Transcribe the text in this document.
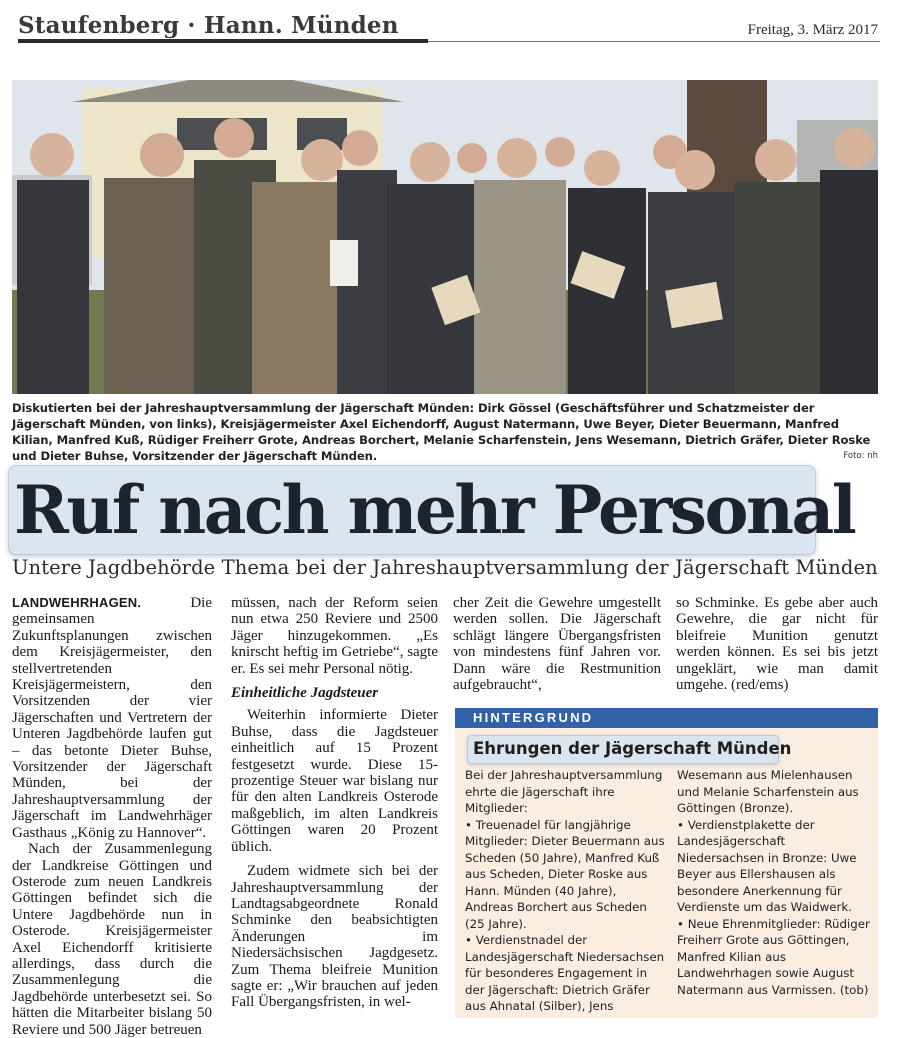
Staufenberg · Hann. Münden	Freitag, 3. März 2017
Diskutierten bei der Jahreshauptversammlung der Jägerschaft Münden: Dirk Gössel (Geschäftsführer und Schatzmeister der Jägerschaft Münden, von links), Kreisjägermeister Axel Eichendorff, August Natermann, Uwe Beyer, Dieter Beuermann, Manfred Kilian, Manfred Kuß, Rüdiger Freiherr Grote, Andreas Borchert, Melanie Scharfenstein, Jens Wesemann, Dietrich Gräfer, Dieter Roske und Dieter Buhse, Vorsitzender der Jägerschaft Münden.	Foto: nh
Ruf nach mehr Personal
Untere Jagdbehörde Thema bei der Jahreshauptversammlung der Jägerschaft Münden

LANDWEHRHAGEN.	Die gemeinsamen Zukunftsplanungen zwischen dem Kreisjägermeister, den stellvertretenden Kreisjägermeistern, den Vorsitzenden der vier Jägerschaften und Vertretern der Unteren Jagdbehörde laufen gut – das betonte Dieter Buhse, Vorsitzender der Jägerschaft Münden, bei der Jahreshauptversammlung der Jägerschaft im Landwehrhäger Gasthaus „König zu Hannover“.

Nach der Zusammenlegung der Landkreise Göttingen und Osterode zum neuen Landkreis Göttingen befindet sich die Untere Jagdbehörde nun in Osterode. Kreisjägermeister Axel Eichendorff kritisierte allerdings, dass durch die Zusammenlegung die Jagdbehörde unterbesetzt sei. So hätten die Mitarbeiter bislang 50 Reviere und 500 Jäger betreuen

müssen, nach der Reform seien nun etwa 250 Reviere und 2500 Jäger hinzugekommen. „Es knirscht heftig im Getriebe“, sagte er. Es sei mehr Personal nötig.

Einheitliche Jagdsteuer

Weiterhin informierte Dieter Buhse, dass die Jagdsteuer einheitlich auf 15 Prozent festgesetzt wurde. Diese 15-prozentige Steuer war bislang nur für den alten Landkreis Osterode maßgeblich, im alten Landkreis Göttingen waren 20 Prozent üblich.

Zudem widmete sich bei der Jahreshauptversammlung der Landtagsabgeordnete Ronald Schminke den beabsichtigten Änderungen im Niedersächsischen Jagdgesetz. Zum Thema bleifreie Munition sagte er: „Wir brauchen auf jeden Fall Übergangsfristen, in wel-

cher Zeit die Gewehre umgestellt werden sollen. Die Jägerschaft schlägt längere Übergangsfristen von mindestens fünf Jahren vor. Dann wäre die Restmunition aufgebraucht“,

so Schminke. Es gebe aber auch Gewehre, die gar nicht für bleifreie Munition genutzt werden können. Es sei bis jetzt ungeklärt, wie man damit umgehe. (red/ems)

HINTERGRUND
Ehrungen der Jägerschaft Münden

Bei der Jahreshauptversammlung ehrte die Jägerschaft ihre Mitglieder:

• Treuenadel für langjährige Mitglieder: Dieter Beuermann aus Scheden (50 Jahre), Manfred Kuß aus Scheden, Dieter Roske aus Hann. Münden (40 Jahre), Andreas Borchert aus Scheden (25 Jahre).

• Verdienstnadel der Landesjägerschaft Niedersachsen für besonderes Engagement in der Jägerschaft: Dietrich Gräfer aus Ahnatal (Silber), Jens

Wesemann aus Mielenhausen und Melanie Scharfenstein aus Göttingen (Bronze).

• Verdienstplakette der Landesjägerschaft Niedersachsen in Bronze: Uwe Beyer aus Ellershausen als besondere Anerkennung für Verdienste um das Waidwerk.

• Neue Ehrenmitglieder: Rüdiger Freiherr Grote aus Göttingen, Manfred Kilian aus Landwehrhagen sowie August Natermann aus Varmissen. (tob)
